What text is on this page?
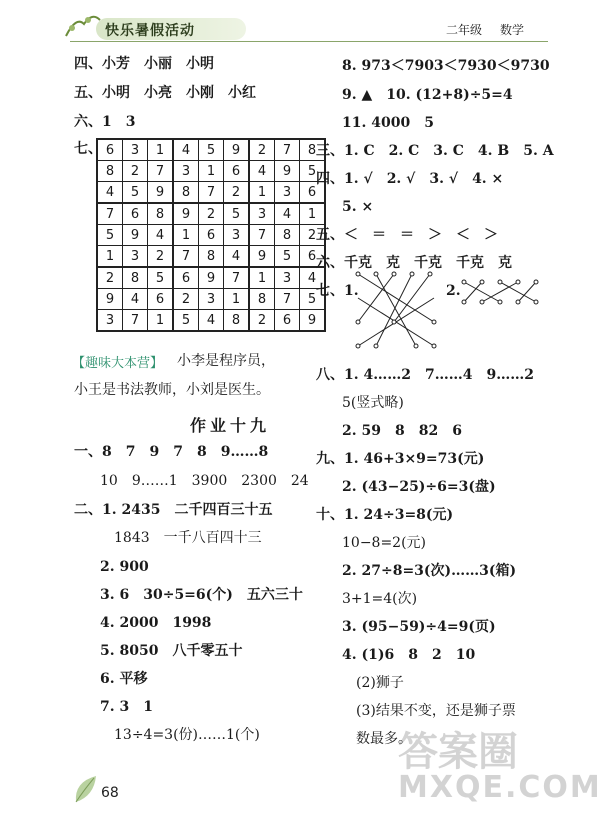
快乐暑假活动	二年级 数学
四、小芳　小丽　小明
五、小明　小亮　小刚　小红
六、1　3
七、 6	3	1	4	5	9	2	7	8
8	2	7	3	1	6	4	9	5
4	5	9	8	7	2	1	3	6
7	6	8	9	2	5	3	4	1
5	9	4	1	6	3	7	8	2
1	3	2	7	8	4	9	5	6
2	8	5	6	9	7	1	3	4
9	4	6	2	3	1	8	7	5
3	7	1	5	4	8	2	6	9
【趣味大本营】 小李是程序员，
小王是书法教师，小刘是医生。
作业十九
一、8　7　9　7　8　9……8
10　9……1　3900　2300　24
二、1. 2435　二千四百三十五
1843　一千八百四十三
2. 900
3. 6　30÷5=6(个)　五六三十
4. 2000　1998
5. 8050　八千零五十
6. 平移
7. 3　1
13÷4=3(份)……1(个)
8. 973＜7903＜7930＜9730
9. ▲　10. (12+8)÷5=4
11. 4000　5
三、1. C　2. C　3. C　4. B　5. A
四、1. √　2. √　3. √　4. ×
5. ×
五、＜　＝　＝　＞　＜　＞
六、千克　克　千克　千克　克
七、1.	2.
八、1. 4……2　7……4　9……2
5(竖式略)
2. 59　8　82　6
九、1. 46+3×9=73(元)
2. (43−25)÷6=3(盘)
十、1. 24÷3=8(元)
10−8=2(元)
2. 27÷8=3(次)……3(箱)
3+1=4(次)
3. (95−59)÷4=9(页)
4. (1)6　8　2　10
(2)狮子
(3)结果不变，还是狮子票
数最多。
68
答案圈
MXQE.COM
